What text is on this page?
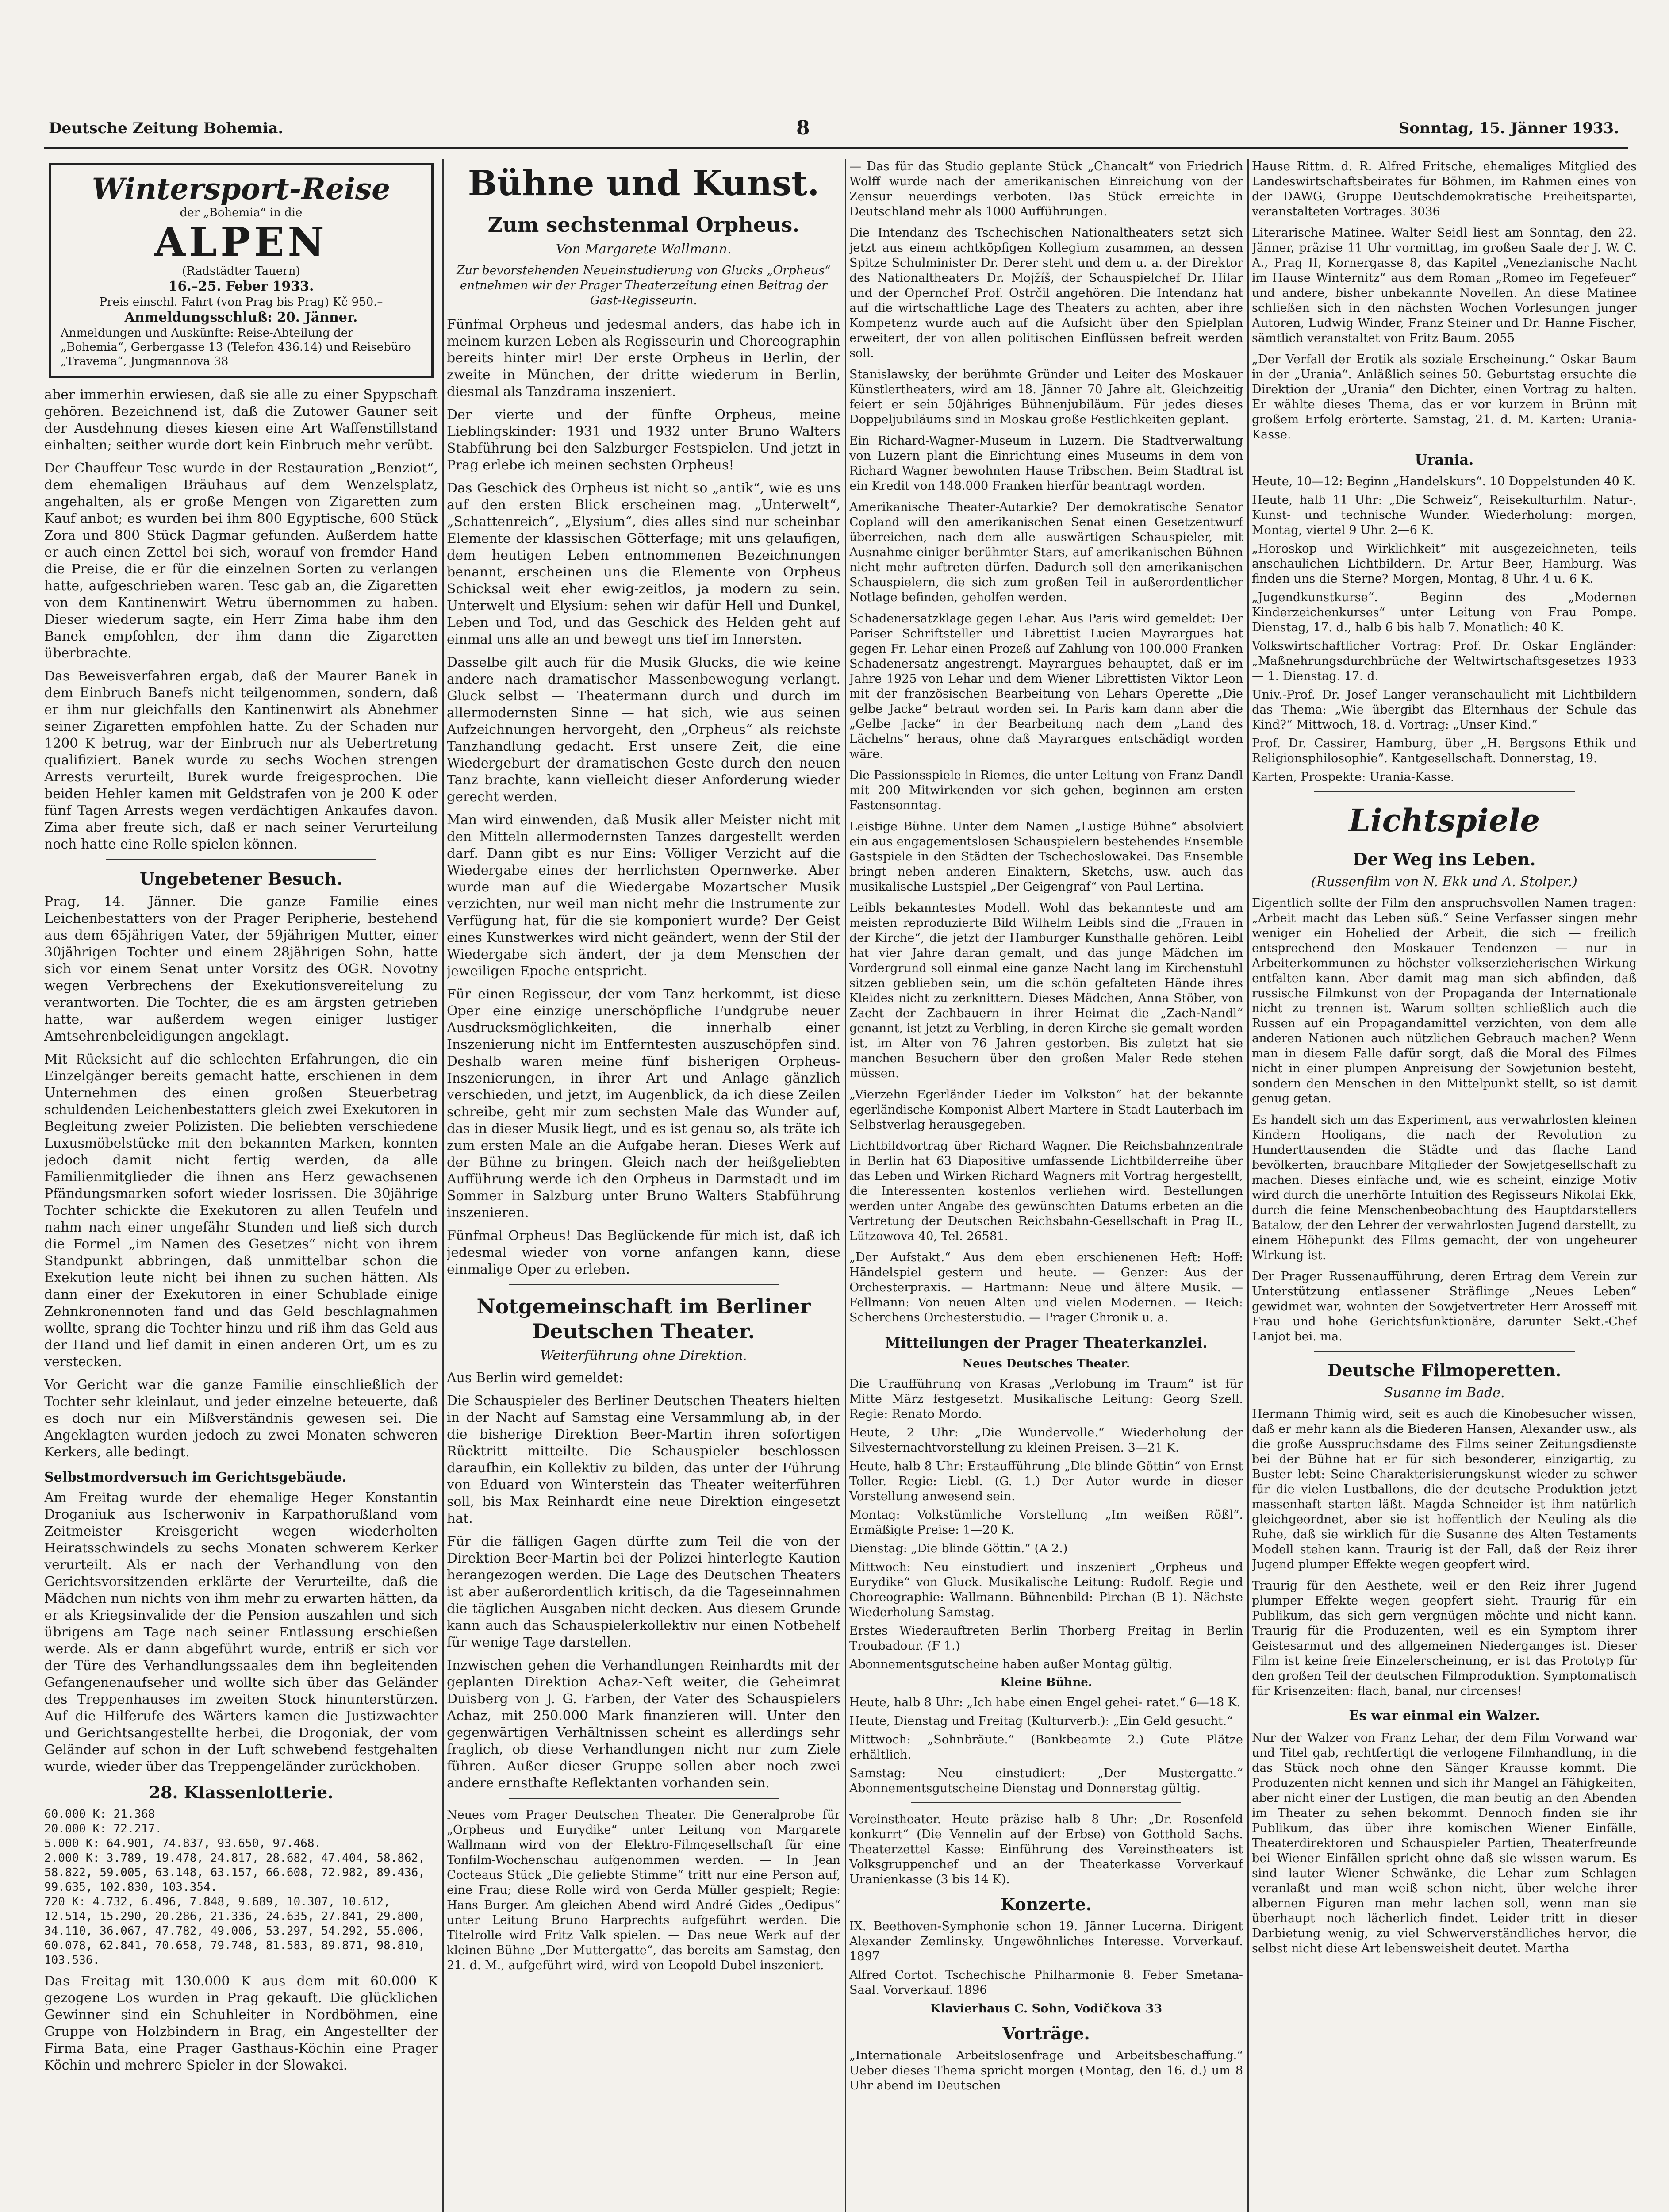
Deutsche Zeitung Bohemia.	8	Sonntag, 15. Jänner 1933.
Wintersport-Reise
der „Bohemia“ in die
ALPEN
(Radstädter Tauern)
16.–25. Feber 1933.
Preis einschl. Fahrt (von Prag bis Prag) Kč 950.–
Anmeldungsschluß: 20. Jänner.
Anmeldungen und Auskünfte: Reise-Abteilung der „Bohemia“, Gerbergasse 13 (Telefon 436.14) und Reisebüro „Travema“, Jungmannova 38

aber immerhin erwiesen, daß sie alle zu einer Spypschaft gehören. Bezeichnend ist, daß die Zutower Gauner seit der Ausdehnung dieses kiesen eine Art Waffenstillstand einhalten; seither wurde dort kein Einbruch mehr verübt.

Der Chauffeur Tesc wurde in der Restauration „Benziot“, dem ehemaligen Bräuhaus auf dem Wenzelsplatz, angehalten, als er große Mengen von Zigaretten zum Kauf anbot; es wurden bei ihm 800 Egyptische, 600 Stück Zora und 800 Stück Dagmar gefunden. Außerdem hatte er auch einen Zettel bei sich, worauf von fremder Hand die Preise, die er für die einzelnen Sorten zu verlangen hatte, aufgeschrieben waren. Tesc gab an, die Zigaretten von dem Kantinenwirt Wetru übernommen zu haben. Dieser wiederum sagte, ein Herr Zima habe ihm den Banek empfohlen, der ihm dann die Zigaretten überbrachte.

Das Beweisverfahren ergab, daß der Maurer Banek in dem Einbruch Banefs nicht teilgenommen, sondern, daß er ihm nur gleichfalls den Kantinenwirt als Abnehmer seiner Zigaretten empfohlen hatte. Zu der Schaden nur 1200 K betrug, war der Einbruch nur als Uebertretung qualifiziert. Banek wurde zu sechs Wochen strengen Arrests verurteilt, Burek wurde freigesprochen. Die beiden Hehler kamen mit Geldstrafen von je 200 K oder fünf Tagen Arrests wegen verdächtigen Ankaufes davon. Zima aber freute sich, daß er nach seiner Verurteilung noch hatte eine Rolle spielen können.

Ungebetener Besuch.

Prag, 14. Jänner. Die ganze Familie eines Leichenbestatters von der Prager Peripherie, bestehend aus dem 65jährigen Vater, der 59jährigen Mutter, einer 30jährigen Tochter und einem 28jährigen Sohn, hatte sich vor einem Senat unter Vorsitz des OGR. Novotny wegen Verbrechens der Exekutionsvereitelung zu verantworten. Die Tochter, die es am ärgsten getrieben hatte, war außerdem wegen einiger lustiger Amtsehrenbeleidigungen angeklagt.

Mit Rücksicht auf die schlechten Erfahrungen, die ein Einzelgänger bereits gemacht hatte, erschienen in dem Unternehmen des einen großen Steuerbetrag schuldenden Leichenbestatters gleich zwei Exekutoren in Begleitung zweier Polizisten. Die beliebten verschiedene Luxusmöbelstücke mit den bekannten Marken, konnten jedoch damit nicht fertig werden, da alle Familienmitglieder die ihnen ans Herz gewachsenen Pfändungsmarken sofort wieder losrissen. Die 30jährige Tochter schickte die Exekutoren zu allen Teufeln und nahm nach einer ungefähr Stunden und ließ sich durch die Formel „im Namen des Gesetzes“ nicht von ihrem Standpunkt abbringen, daß unmittelbar schon die Exekution leute nicht bei ihnen zu suchen hätten. Als dann einer der Exekutoren in einer Schublade einige Zehnkronennoten fand und das Geld beschlagnahmen wollte, sprang die Tochter hinzu und riß ihm das Geld aus der Hand und lief damit in einen anderen Ort, um es zu verstecken.

Vor Gericht war die ganze Familie einschließlich der Tochter sehr kleinlaut, und jeder einzelne beteuerte, daß es doch nur ein Mißverständnis gewesen sei. Die Angeklagten wurden jedoch zu zwei Monaten schweren Kerkers, alle bedingt.

Selbstmordversuch im Gerichtsgebäude.

Am Freitag wurde der ehemalige Heger Konstantin Droganiuk aus Ischerwoniv in Karpathorußland vom Zeitmeister Kreisgericht wegen wiederholten Heiratsschwindels zu sechs Monaten schwerem Kerker verurteilt. Als er nach der Verhandlung von den Gerichtsvorsitzenden erklärte der Verurteilte, daß die Mädchen nun nichts von ihm mehr zu erwarten hätten, da er als Kriegsinvalide der die Pension auszahlen und sich übrigens am Tage nach seiner Entlassung erschießen werde. Als er dann abgeführt wurde, entriß er sich vor der Türe des Verhandlungssaales dem ihn begleitenden Gefangenenaufseher und wollte sich über das Geländer des Treppenhauses im zweiten Stock hinunterstürzen. Auf die Hilferufe des Wärters kamen die Justizwachter und Gerichtsangestellte herbei, die Drogoniak, der vom Geländer auf schon in der Luft schwebend festgehalten wurde, wieder über das Treppengeländer zurückhoben.

28. Klassenlotterie.
60.000 K: 21.368
20.000 K: 72.217.
5.000 K: 64.901, 74.837, 93.650, 97.468.
2.000 K: 3.789, 19.478, 24.817, 28.682, 47.404, 58.862, 58.822, 59.005, 63.148, 63.157, 66.608, 72.982, 89.436, 99.635, 102.830, 103.354.
720 K: 4.732, 6.496, 7.848, 9.689, 10.307, 10.612, 12.514, 15.290, 20.286, 21.336, 24.635, 27.841, 29.800, 34.110, 36.067, 47.782, 49.006, 53.297, 54.292, 55.006, 60.078, 62.841, 70.658, 79.748, 81.583, 89.871, 98.810, 103.536.

Das Freitag mit 130.000 K aus dem mit 60.000 K gezogene Los wurden in Prag gekauft. Die glücklichen Gewinner sind ein Schuhleiter in Nordböhmen, eine Gruppe von Holzbindern in Brag, ein Angestellter der Firma Bata, eine Prager Gasthaus-Köchin eine Prager Köchin und mehrere Spieler in der Slowakei.

Bühne und Kunst.
Zum sechstenmal Orpheus.
Von Margarete Wallmann.
Zur bevorstehenden Neueinstudierung von Glucks „Orpheus“ entnehmen wir der Prager Theaterzeitung einen Beitrag der Gast-Regisseurin.

Fünfmal Orpheus und jedesmal anders, das habe ich in meinem kurzen Leben als Regisseurin und Choreographin bereits hinter mir! Der erste Orpheus in Berlin, der zweite in München, der dritte wiederum in Berlin, diesmal als Tanzdrama inszeniert.

Der vierte und der fünfte Orpheus, meine Lieblingskinder: 1931 und 1932 unter Bruno Walters Stabführung bei den Salzburger Festspielen. Und jetzt in Prag erlebe ich meinen sechsten Orpheus!

Das Geschick des Orpheus ist nicht so „antik“, wie es uns auf den ersten Blick erscheinen mag. „Unterwelt“, „Schattenreich“, „Elysium“, dies alles sind nur scheinbar Elemente der klassischen Götterfage; mit uns gelaufigen, dem heutigen Leben entnommenen Bezeichnungen benannt, erscheinen uns die Elemente von Orpheus Schicksal weit eher ewig-zeitlos, ja modern zu sein. Unterwelt und Elysium: sehen wir dafür Hell und Dunkel, Leben und Tod, und das Geschick des Helden geht auf einmal uns alle an und bewegt uns tief im Innersten.

Dasselbe gilt auch für die Musik Glucks, die wie keine andere nach dramatischer Massenbewegung verlangt. Gluck selbst — Theatermann durch und durch im allermodernsten Sinne — hat sich, wie aus seinen Aufzeichnungen hervorgeht, den „Orpheus“ als reichste Tanzhandlung gedacht. Erst unsere Zeit, die eine Wiedergeburt der dramatischen Geste durch den neuen Tanz brachte, kann vielleicht dieser Anforderung wieder gerecht werden.

Man wird einwenden, daß Musik aller Meister nicht mit den Mitteln allermodernsten Tanzes dargestellt werden darf. Dann gibt es nur Eins: Völliger Verzicht auf die Wiedergabe eines der herrlichsten Opernwerke. Aber wurde man auf die Wiedergabe Mozartscher Musik verzichten, nur weil man nicht mehr die Instrumente zur Verfügung hat, für die sie komponiert wurde? Der Geist eines Kunstwerkes wird nicht geändert, wenn der Stil der Wiedergabe sich ändert, der ja dem Menschen der jeweiligen Epoche entspricht.

Für einen Regisseur, der vom Tanz herkommt, ist diese Oper eine einzige unerschöpfliche Fundgrube neuer Ausdrucksmöglichkeiten, die innerhalb einer Inszenierung nicht im Entferntesten auszuschöpfen sind. Deshalb waren meine fünf bisherigen Orpheus-Inszenierungen, in ihrer Art und Anlage gänzlich verschieden, und jetzt, im Augenblick, da ich diese Zeilen schreibe, geht mir zum sechsten Male das Wunder auf, das in dieser Musik liegt, und es ist genau so, als träte ich zum ersten Male an die Aufgabe heran. Dieses Werk auf der Bühne zu bringen. Gleich nach der heißgeliebten Aufführung werde ich den Orpheus in Darmstadt und im Sommer in Salzburg unter Bruno Walters Stabführung inszenieren.

Fünfmal Orpheus! Das Beglückende für mich ist, daß ich jedesmal wieder von vorne anfangen kann, diese einmalige Oper zu erleben.

Notgemeinschaft im Berliner Deutschen Theater.
Weiterführung ohne Direktion.

Aus Berlin wird gemeldet:

Die Schauspieler des Berliner Deutschen Theaters hielten in der Nacht auf Samstag eine Versammlung ab, in der die bisherige Direktion Beer-Martin ihren sofortigen Rücktritt mitteilte. Die Schauspieler beschlossen daraufhin, ein Kollektiv zu bilden, das unter der Führung von Eduard von Winterstein das Theater weiterführen soll, bis Max Reinhardt eine neue Direktion eingesetzt hat.

Für die fälligen Gagen dürfte zum Teil die von der Direktion Beer-Martin bei der Polizei hinterlegte Kaution herangezogen werden. Die Lage des Deutschen Theaters ist aber außerordentlich kritisch, da die Tageseinnahmen die täglichen Ausgaben nicht decken. Aus diesem Grunde kann auch das Schauspielerkollektiv nur einen Notbehelf für wenige Tage darstellen.

Inzwischen gehen die Verhandlungen Reinhardts mit der geplanten Direktion Achaz-Neft weiter, die Geheimrat Duisberg von J. G. Farben, der Vater des Schauspielers Achaz, mit 250.000 Mark finanzieren will. Unter den gegenwärtigen Verhältnissen scheint es allerdings sehr fraglich, ob diese Verhandlungen nicht nur zum Ziele führen. Außer dieser Gruppe sollen aber noch zwei andere ernsthafte Reflektanten vorhanden sein.

Neues vom Prager Deutschen Theater. Die Generalprobe für „Orpheus und Eurydike“ unter Leitung von Margarete Wallmann wird von der Elektro-Filmgesellschaft für eine Tonfilm-Wochenschau aufgenommen werden. — In Jean Cocteaus Stück „Die geliebte Stimme“ tritt nur eine Person auf, eine Frau; diese Rolle wird von Gerda Müller gespielt; Regie: Hans Burger. Am gleichen Abend wird André Gides „Oedipus“ unter Leitung Bruno Harprechts aufgeführt werden. Die Titelrolle wird Fritz Valk spielen. — Das neue Werk auf der kleinen Bühne „Der Muttergatte“, das bereits am Samstag, den 21. d. M., aufgeführt wird, wird von Leopold Dubel inszeniert.

— Das für das Studio geplante Stück „Chancalt“ von Friedrich Wolff wurde nach der amerikanischen Einreichung von der Zensur neuerdings verboten. Das Stück erreichte in Deutschland mehr als 1000 Aufführungen.

Die Intendanz des Tschechischen Nationaltheaters setzt sich jetzt aus einem achtköpfigen Kollegium zusammen, an dessen Spitze Schulminister Dr. Derer steht und dem u. a. der Direktor des Nationaltheaters Dr. Mojžíš, der Schauspielchef Dr. Hilar und der Opernchef Prof. Ostrčil angehören. Die Intendanz hat auf die wirtschaftliche Lage des Theaters zu achten, aber ihre Kompetenz wurde auch auf die Aufsicht über den Spielplan erweitert, der von allen politischen Einflüssen befreit werden soll.

Stanislawsky, der berühmte Gründer und Leiter des Moskauer Künstlertheaters, wird am 18. Jänner 70 Jahre alt. Gleichzeitig feiert er sein 50jähriges Bühnenjubiläum. Für jedes dieses Doppeljubiläums sind in Moskau große Festlichkeiten geplant.

Ein Richard-Wagner-Museum in Luzern. Die Stadtverwaltung von Luzern plant die Einrichtung eines Museums in dem von Richard Wagner bewohnten Hause Tribschen. Beim Stadtrat ist ein Kredit von 148.000 Franken hierfür beantragt worden.

Amerikanische Theater-Autarkie? Der demokratische Senator Copland will den amerikanischen Senat einen Gesetzentwurf überreichen, nach dem alle auswärtigen Schauspieler, mit Ausnahme einiger berühmter Stars, auf amerikanischen Bühnen nicht mehr auftreten dürfen. Dadurch soll den amerikanischen Schauspielern, die sich zum großen Teil in außerordentlicher Notlage befinden, geholfen werden.

Schadenersatzklage gegen Lehar. Aus Paris wird gemeldet: Der Pariser Schriftsteller und Librettist Lucien Mayrargues hat gegen Fr. Lehar einen Prozeß auf Zahlung von 100.000 Franken Schadenersatz angestrengt. Mayrargues behauptet, daß er im Jahre 1925 von Lehar und dem Wiener Librettisten Viktor Leon mit der französischen Bearbeitung von Lehars Operette „Die gelbe Jacke“ betraut worden sei. In Paris kam dann aber die „Gelbe Jacke“ in der Bearbeitung nach dem „Land des Lächelns“ heraus, ohne daß Mayrargues entschädigt worden wäre.

Die Passionsspiele in Riemes, die unter Leitung von Franz Dandl mit 200 Mitwirkenden vor sich gehen, beginnen am ersten Fastensonntag.

Leistige Bühne. Unter dem Namen „Lustige Bühne“ absolviert ein aus engagementslosen Schauspielern bestehendes Ensemble Gastspiele in den Städten der Tschechoslowakei. Das Ensemble bringt neben anderen Einaktern, Sketchs, usw. auch das musikalische Lustspiel „Der Geigengraf“ von Paul Lertina.

Leibls bekanntestes Modell. Wohl das bekannteste und am meisten reproduzierte Bild Wilhelm Leibls sind die „Frauen in der Kirche“, die jetzt der Hamburger Kunsthalle gehören. Leibl hat vier Jahre daran gemalt, und das junge Mädchen im Vordergrund soll einmal eine ganze Nacht lang im Kirchenstuhl sitzen geblieben sein, um die schön gefalteten Hände ihres Kleides nicht zu zerknittern. Dieses Mädchen, Anna Stöber, von Zacht der Zachbauern in ihrer Heimat die „Zach-Nandl“ genannt, ist jetzt zu Verbling, in deren Kirche sie gemalt worden ist, im Alter von 76 Jahren gestorben. Bis zuletzt hat sie manchen Besuchern über den großen Maler Rede stehen müssen.

„Vierzehn Egerländer Lieder im Volkston“ hat der bekannte egerländische Komponist Albert Martere in Stadt Lauterbach im Selbstverlag herausgegeben.

Lichtbildvortrag über Richard Wagner. Die Reichsbahnzentrale in Berlin hat 63 Diapositive umfassende Lichtbilderreihe über das Leben und Wirken Richard Wagners mit Vortrag hergestellt, die Interessenten kostenlos verliehen wird. Bestellungen werden unter Angabe des gewünschten Datums erbeten an die Vertretung der Deutschen Reichsbahn-Gesellschaft in Prag II., Lützowova 40, Tel. 26581.

„Der Aufstakt.“ Aus dem eben erschienenen Heft: Hoff: Händelspiel gestern und heute. — Genzer: Aus der Orchesterpraxis. — Hartmann: Neue und ältere Musik. — Fellmann: Von neuen Alten und vielen Modernen. — Reich: Scherchens Orchesterstudio. — Prager Chronik u. a.

Mitteilungen der Prager Theaterkanzlei.
Neues Deutsches Theater.
Die Uraufführung von Krasas „Verlobung im Traum“ ist für Mitte März festgesetzt. Musikalische Leitung: Georg Szell. Regie: Renato Mordo.
Heute, 2 Uhr: „Die Wundervolle.“ Wiederholung der Silvesternachtvorstellung zu kleinen Preisen. 3—21 K.
Heute, halb 8 Uhr: Erstaufführung „Die blinde Göttin“ von Ernst Toller. Regie: Liebl. (G. 1.) Der Autor wurde in dieser Vorstellung anwesend sein.
Montag: Volkstümliche Vorstellung „Im weißen Rößl“. Ermäßigte Preise: 1—20 K.
Dienstag: „Die blinde Göttin.“ (A 2.)
Mittwoch: Neu einstudiert und inszeniert „Orpheus und Eurydike“ von Gluck. Musikalische Leitung: Rudolf. Regie und Choreographie: Wallmann. Bühnenbild: Pirchan (B 1). Nächste Wiederholung Samstag.
Erstes Wiederauftreten Berlin Thorberg Freitag in Berlin Troubadour. (F 1.)
Abonnementsgutscheine haben außer Montag gültig.
Kleine Bühne.
Heute, halb 8 Uhr: „Ich habe einen Engel gehei- ratet.“ 6—18 K.
Heute, Dienstag und Freitag (Kulturverb.): „Ein Geld gesucht.“
Mittwoch: „Sohnbräute.“ (Bankbeamte 2.) Gute Plätze erhältlich.
Samstag: Neu einstudiert: „Der Mustergatte.“ Abonnementsgutscheine Dienstag und Donnerstag gültig.
Vereinstheater. Heute präzise halb 8 Uhr: „Dr. Rosenfeld konkurrt“ (Die Vennelin auf der Erbse) von Gotthold Sachs. Theaterzettel Kasse: Einführung des Vereinstheaters ist Volksgruppenchef und an der Theaterkasse Vorverkauf Uranienkasse (3 bis 14 K).
Konzerte.
IX. Beethoven-Symphonie schon 19. Jänner Lucerna. Dirigent Alexander Zemlinsky. Ungewöhnliches Interesse. Vorverkauf. 1897
Alfred Cortot. Tschechische Philharmonie 8. Feber Smetana-Saal. Vorverkauf. 1896
Klavierhaus C. Sohn, Vodičkova 33
Vorträge.

„Internationale Arbeitslosenfrage und Arbeitsbeschaffung.“ Ueber dieses Thema spricht morgen (Montag, den 16. d.) um 8 Uhr abend im Deutschen

Hause Rittm. d. R. Alfred Fritsche, ehemaliges Mitglied des Landeswirtschaftsbeirates für Böhmen, im Rahmen eines von der DAWG, Gruppe Deutschdemokratische Freiheitspartei, veranstalteten Vortrages. 3036

Literarische Matinee. Walter Seidl liest am Sonntag, den 22. Jänner, präzise 11 Uhr vormittag, im großen Saale der J. W. C. A., Prag II, Kornergasse 8, das Kapitel „Venezianische Nacht im Hause Winternitz“ aus dem Roman „Romeo im Fegefeuer“ und andere, bisher unbekannte Novellen. An diese Matinee schließen sich in den nächsten Wochen Vorlesungen junger Autoren, Ludwig Winder, Franz Steiner und Dr. Hanne Fischer, sämtlich veranstaltet von Fritz Baum. 2055

„Der Verfall der Erotik als soziale Erscheinung.“ Oskar Baum in der „Urania“. Anläßlich seines 50. Geburtstag ersuchte die Direktion der „Urania“ den Dichter, einen Vortrag zu halten. Er wählte dieses Thema, das er vor kurzem in Brünn mit großem Erfolg erörterte. Samstag, 21. d. M. Karten: Urania-Kasse.

Urania.
Heute, 10—12: Beginn „Handelskurs“. 10 Doppelstunden 40 K.
Heute, halb 11 Uhr: „Die Schweiz“, Reisekulturfilm. Natur-, Kunst- und technische Wunder. Wiederholung: morgen, Montag, viertel 9 Uhr. 2—6 K.
„Horoskop und Wirklichkeit“ mit ausgezeichneten, teils anschaulichen Lichtbildern. Dr. Artur Beer, Hamburg. Was finden uns die Sterne? Morgen, Montag, 8 Uhr. 4 u. 6 K.
„Jugendkunstkurse“. Beginn des „Modernen Kinderzeichenkurses“ unter Leitung von Frau Pompe. Dienstag, 17. d., halb 6 bis halb 7. Monatlich: 40 K.
Volkswirtschaftlicher Vortrag: Prof. Dr. Oskar Engländer: „Maßnehrungsdurchbrüche der Weltwirtschaftsgesetzes 1933 — 1. Dienstag. 17. d.
Univ.-Prof. Dr. Josef Langer veranschaulicht mit Lichtbildern das Thema: „Wie übergibt das Elternhaus der Schule das Kind?“ Mittwoch, 18. d. Vortrag: „Unser Kind.“
Prof. Dr. Cassirer, Hamburg, über „H. Bergsons Ethik und Religionsphilosophie“. Kantgesellschaft. Donnerstag, 19.
Karten, Prospekte: Urania-Kasse.
Lichtspiele
Der Weg ins Leben.
(Russenfilm von N. Ekk und A. Stolper.)

Eigentlich sollte der Film den anspruchsvollen Namen tragen: „Arbeit macht das Leben süß.“ Seine Verfasser singen mehr weniger ein Hohelied der Arbeit, die sich — freilich entsprechend den Moskauer Tendenzen — nur in Arbeiterkommunen zu höchster volkserzieherischen Wirkung entfalten kann. Aber damit mag man sich abfinden, daß russische Filmkunst von der Propaganda der Internationale nicht zu trennen ist. Warum sollten schließlich auch die Russen auf ein Propagandamittel verzichten, von dem alle anderen Nationen auch nützlichen Gebrauch machen? Wenn man in diesem Falle dafür sorgt, daß die Moral des Filmes nicht in einer plumpen Anpreisung der Sowjetunion besteht, sondern den Menschen in den Mittelpunkt stellt, so ist damit genug getan.

Es handelt sich um das Experiment, aus verwahrlosten kleinen Kindern Hooligans, die nach der Revolution zu Hunderttausenden die Städte und das flache Land bevölkerten, brauchbare Mitglieder der Sowjetgesellschaft zu machen. Dieses einfache und, wie es scheint, einzige Motiv wird durch die unerhörte Intuition des Regisseurs Nikolai Ekk, durch die feine Menschenbeobachtung des Hauptdarstellers Batalow, der den Lehrer der verwahrlosten Jugend darstellt, zu einem Höhepunkt des Films gemacht, der von ungeheurer Wirkung ist.

Der Prager Russenaufführung, deren Ertrag dem Verein zur Unterstützung entlassener Sträflinge „Neues Leben“ gewidmet war, wohnten der Sowjetvertreter Herr Arosseff mit Frau und hohe Gerichtsfunktionäre, darunter Sekt.-Chef Lanjot bei. ma.

Deutsche Filmoperetten.
Susanne im Bade.

Hermann Thimig wird, seit es auch die Kinobesucher wissen, daß er mehr kann als die Biederen Hansen, Alexander usw., als die große Ausspruchsdame des Films seiner Zeitungsdienste bei der Bühne hat er für sich besonderer, einzigartig, zu Buster lebt: Seine Charakterisierungskunst wieder zu schwer für die vielen Lustballons, die der deutsche Produktion jetzt massenhaft starten läßt. Magda Schneider ist ihm natürlich gleichgeordnet, aber sie ist hoffentlich der Neuling als die Ruhe, daß sie wirklich für die Susanne des Alten Testaments Modell stehen kann. Traurig ist der Fall, daß der Reiz ihrer Jugend plumper Effekte wegen geopfert wird.

Traurig für den Aesthete, weil er den Reiz ihrer Jugend plumper Effekte wegen geopfert sieht. Traurig für ein Publikum, das sich gern vergnügen möchte und nicht kann. Traurig für die Produzenten, weil es ein Symptom ihrer Geistesarmut und des allgemeinen Niederganges ist. Dieser Film ist keine freie Einzelerscheinung, er ist das Prototyp für den großen Teil der deutschen Filmproduktion. Symptomatisch für Krisenzeiten: flach, banal, nur circenses!

Es war einmal ein Walzer.

Nur der Walzer von Franz Lehar, der dem Film Vorwand war und Titel gab, rechtfertigt die verlogene Filmhandlung, in die das Stück noch ohne den Sänger Krausse kommt. Die Produzenten nicht kennen und sich ihr Mangel an Fähigkeiten, aber nicht einer der Lustigen, die man beutig an den Abenden im Theater zu sehen bekommt. Dennoch finden sie ihr Publikum, das über ihre komischen Wiener Einfälle, Theaterdirektoren und Schauspieler Partien, Theaterfreunde bei Wiener Einfällen spricht ohne daß sie wissen warum. Es sind lauter Wiener Schwänke, die Lehar zum Schlagen veranlaßt und man weiß schon nicht, über welche ihrer albernen Figuren man mehr lachen soll, wenn man sie überhaupt noch lächerlich findet. Leider tritt in dieser Darbietung wenig, zu viel Schwerverständliches hervor, die selbst nicht diese Art lebensweisheit deutet. Martha
